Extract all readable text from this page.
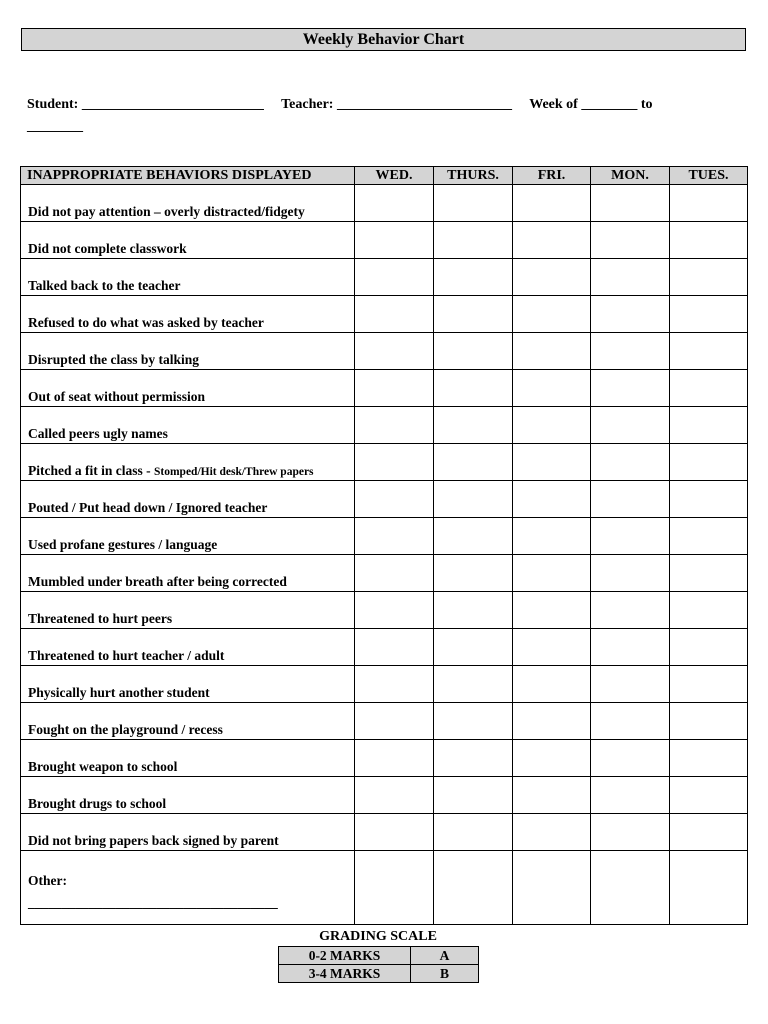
Weekly Behavior Chart
Student: __________________________ Teacher: _________________________ Week of ________ to
________
INAPPROPRIATE BEHAVIORS DISPLAYED	WED.	THURS.	FRI.	MON.	TUES.
Did not pay attention – overly distracted/fidgety					
Did not complete classwork					
Talked back to the teacher					
Refused to do what was asked by teacher					
Disrupted the class by talking					
Out of seat without permission					
Called peers ugly names					
Pitched a fit in class - Stomped/Hit desk/Threw papers					
Pouted / Put head down / Ignored teacher					
Used profane gestures / language					
Mumbled under breath after being corrected					
Threatened to hurt peers					
Threatened to hurt teacher / adult					
Physically hurt another student					
Fought on the playground / recess					
Brought weapon to school					
Brought drugs to school					
Did not bring papers back signed by parent					
Other:
_____________________________________					
GRADING SCALE
0-2 MARKS	A
3-4 MARKS	B
